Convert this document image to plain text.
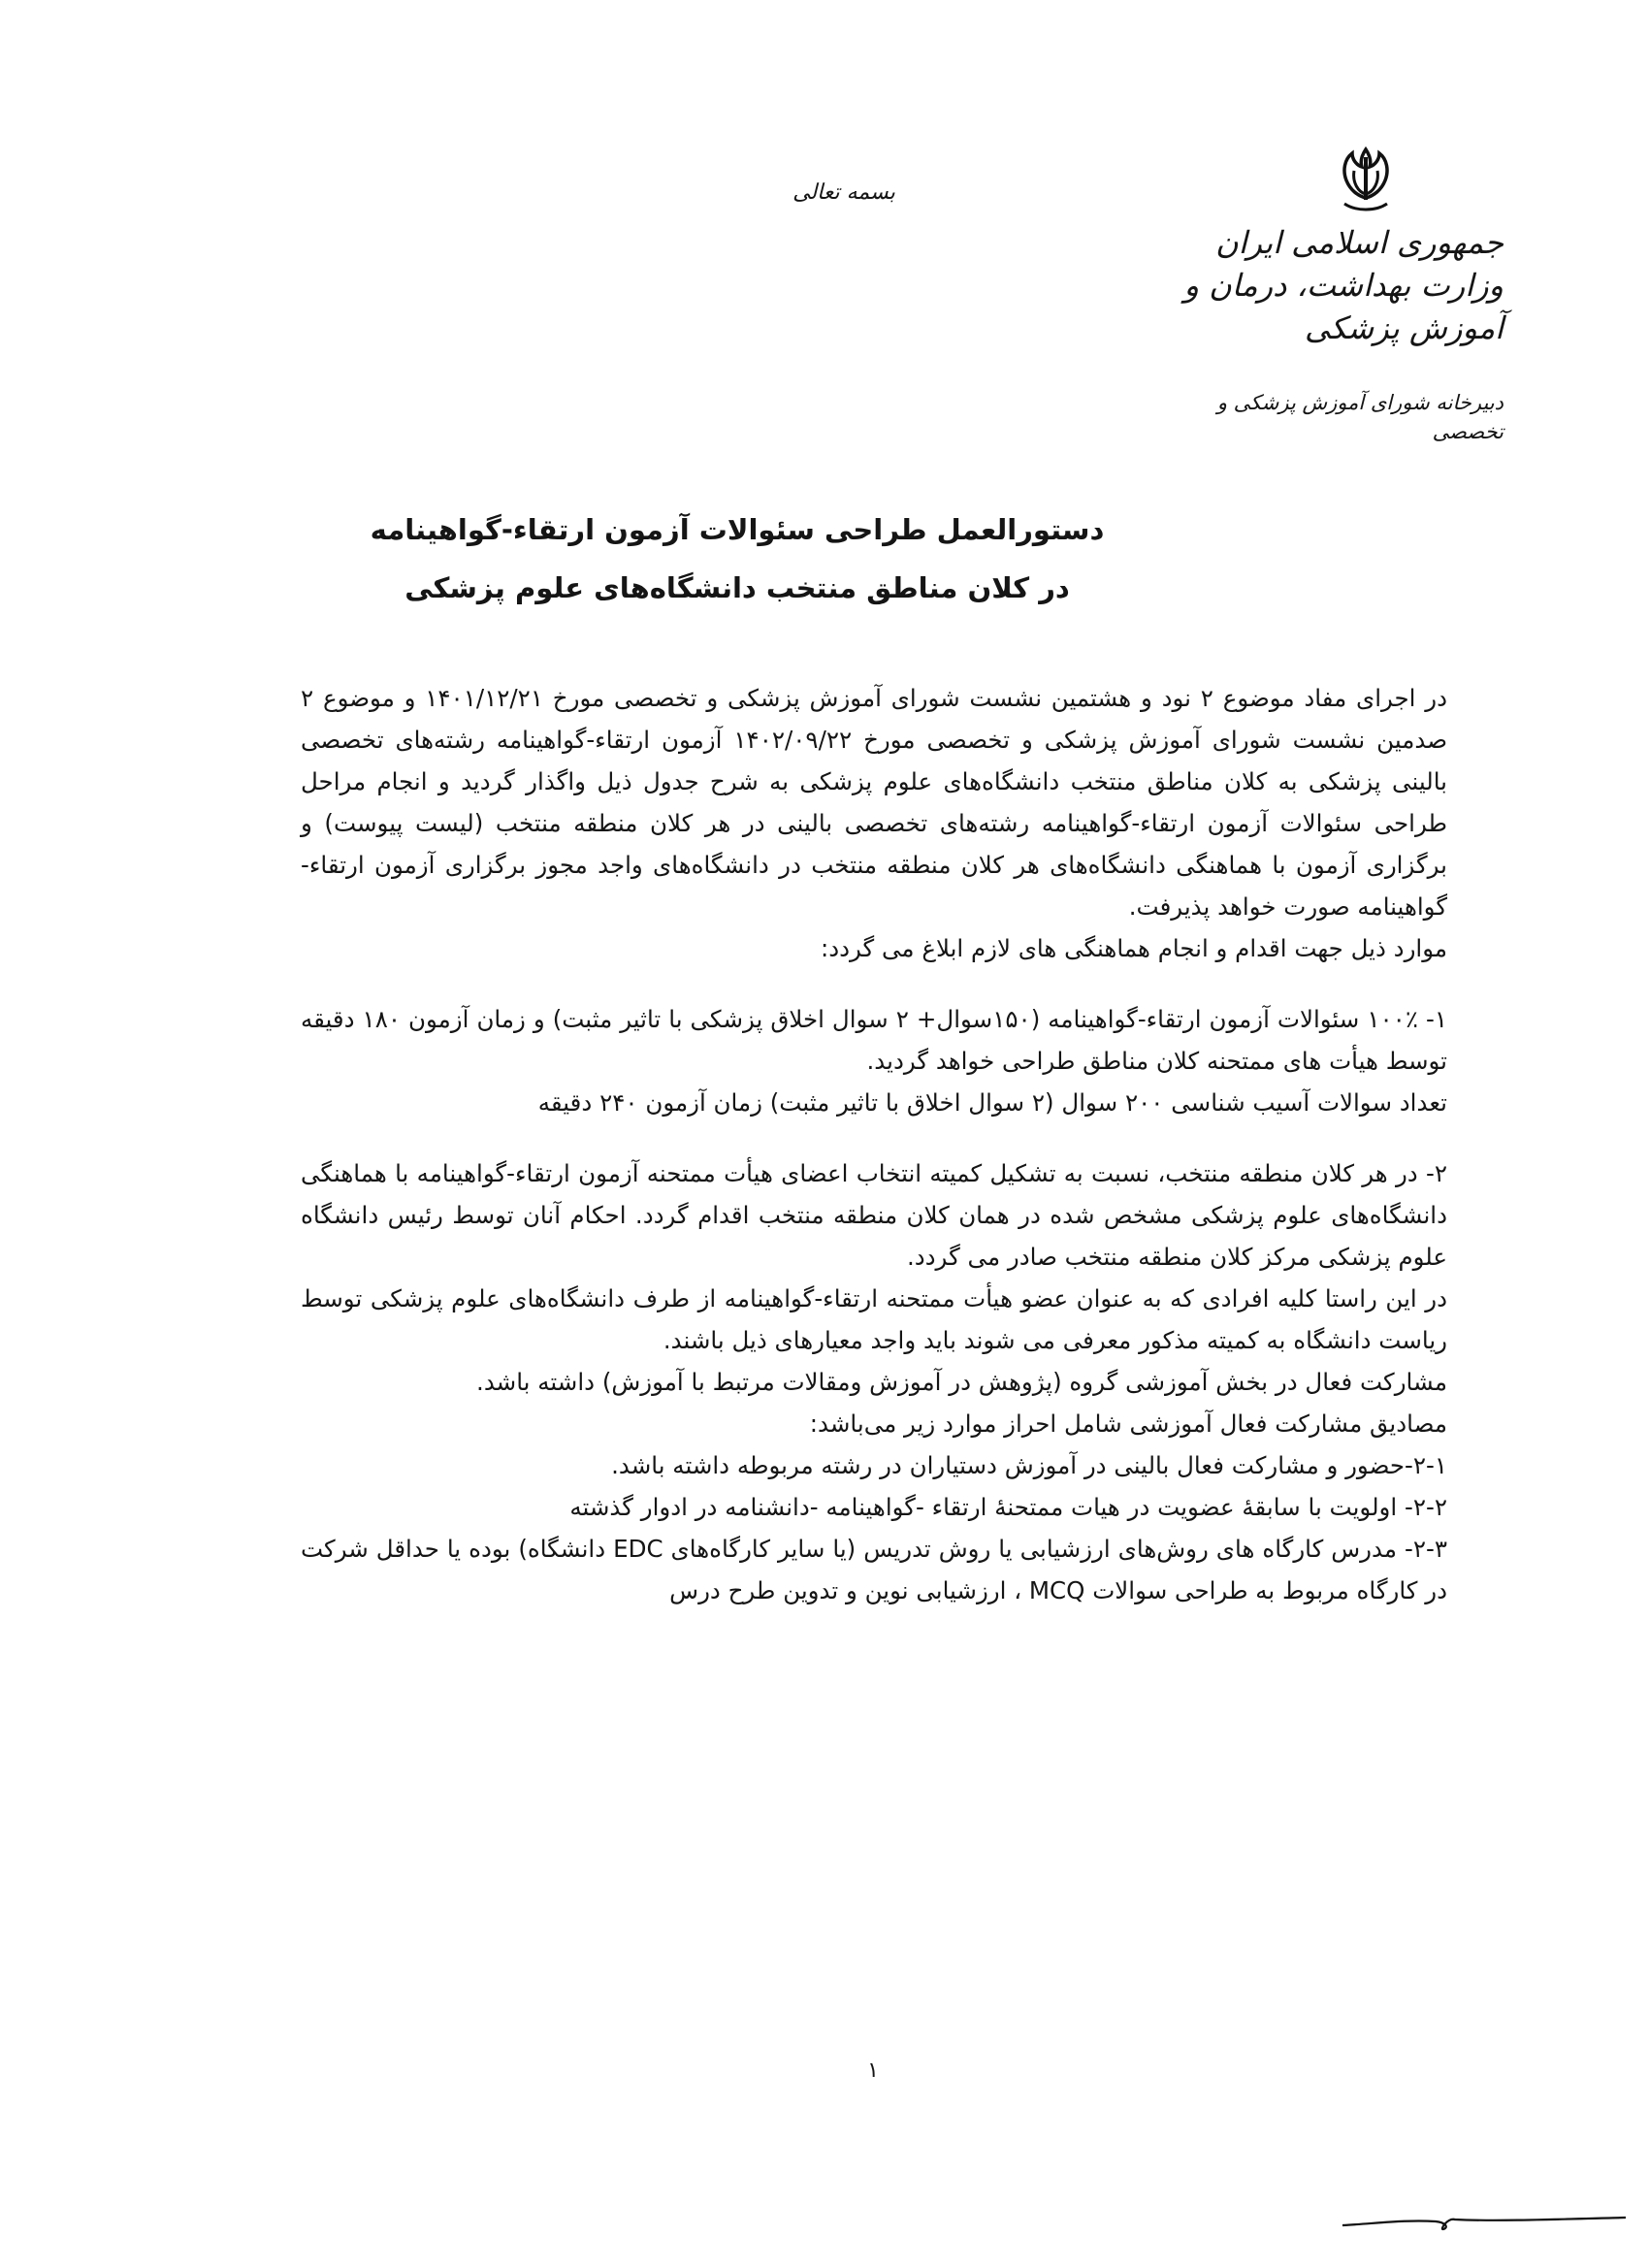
جمهوری اسلامی ایران
وزارت بهداشت، درمان و آموزش پزشکی
دبیرخانه شورای آموزش پزشکی و تخصصی
بسمه تعالی
دستورالعمل طراحی سئوالات آزمون ارتقاء-گواهینامه
در کلان مناطق منتخب دانشگاه‌های علوم پزشکی

در اجرای مفاد موضوع ۲ نود و هشتمین نشست شورای آموزش پزشکی و تخصصی مورخ ۱۴۰۱/۱۲/۲۱ و موضوع ۲ صدمین نشست شورای آموزش پزشکی و تخصصی مورخ ۱۴۰۲/۰۹/۲۲ آزمون ارتقاء-گواهینامه رشته‌های تخصصی بالینی پزشکی به کلان مناطق منتخب دانشگاه‌های علوم پزشکی به شرح جدول ذیل واگذار گردید و انجام مراحل طراحی سئوالات آزمون ارتقاء-گواهینامه رشته‌های تخصصی بالینی در هر کلان منطقه منتخب (لیست پیوست) و برگزاری آزمون با هماهنگی دانشگاه‌های هر کلان منطقه منتخب در دانشگاه‌های واجد مجوز برگزاری آزمون ارتقاء-گواهینامه صورت خواهد پذیرفت.

موارد ذیل جهت اقدام و انجام هماهنگی های لازم ابلاغ می گردد:

۱- ۱۰۰٪ سئوالات آزمون ارتقاء-گواهینامه (۱۵۰سوال+ ۲ سوال اخلاق پزشکی با تاثیر مثبت) و زمان آزمون ۱۸۰ دقیقه توسط هیأت های ممتحنه کلان مناطق طراحی خواهد گردید.

تعداد سوالات آسیب شناسی ۲۰۰ سوال (۲ سوال اخلاق با تاثیر مثبت) زمان آزمون ۲۴۰ دقیقه

۲- در هر کلان منطقه منتخب، نسبت به تشکیل کمیته انتخاب اعضای هیأت ممتحنه آزمون ارتقاء-گواهینامه با هماهنگی دانشگاه‌های علوم پزشکی مشخص شده در همان کلان منطقه منتخب اقدام گردد. احکام آنان توسط رئیس دانشگاه علوم پزشکی مرکز کلان منطقه منتخب صادر می گردد.

در این راستا کلیه افرادی که به عنوان عضو هیأت ممتحنه ارتقاء-گواهینامه از طرف دانشگاه‌های علوم پزشکی توسط ریاست دانشگاه به کمیته مذکور معرفی می شوند باید واجد معیارهای ذیل باشند.

مشارکت فعال در بخش آموزشی گروه (پژوهش در آموزش ومقالات مرتبط با آموزش) داشته باشد.

مصادیق مشارکت فعال آموزشی شامل احراز موارد زیر می‌باشد:

۲-۱-حضور و مشارکت فعال بالینی در آموزش دستیاران در رشته مربوطه داشته باشد.

۲-۲- اولویت با سابقهٔ عضویت در هیات ممتحنهٔ ارتقاء -گواهینامه -دانشنامه در ادوار گذشته

۲-۳- مدرس کارگاه های روش‌های ارزشیابی یا روش تدریس (یا سایر کارگاه‌های EDC دانشگاه) بوده یا حداقل شرکت در کارگاه مربوط به طراحی سوالات MCQ ، ارزشیابی نوین و تدوین طرح درس

۱
